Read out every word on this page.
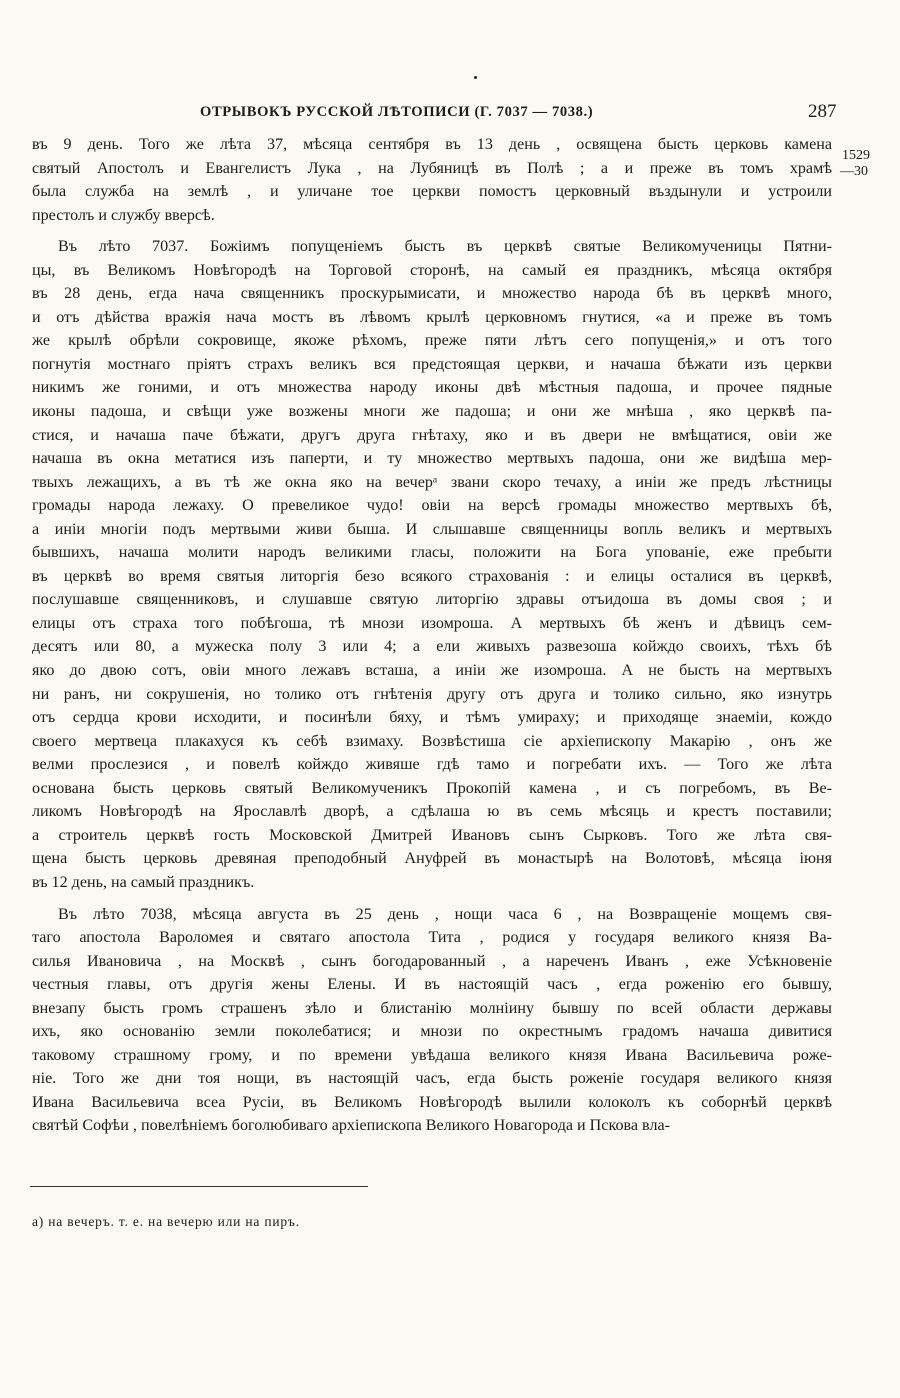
ОТРЫВОКЪ РУССКОЙ ЛѢТОПИСИ (Г. 7037 — 7038.)	287
1529
—30
въ 9 день. Того же лѣта 37, мѣсяца сентября въ 13 день , освящена бысть церковь камена
святый Апостолъ и Евангелистъ Лука , на Лубяницѣ въ Полѣ ; а и преже въ томъ храмѣ
была служба на землѣ , и уличане тое церкви помостъ церковный въздынули и устроили
престолъ и службу вверсѣ.
Въ лѣто 7037. Божіимъ попущеніемъ бысть въ церквѣ святые Великомученицы Пятни-
цы, въ Великомъ Новѣгородѣ на Торговой сторонѣ, на самый ея праздникъ, мѣсяца октября
въ 28 день, егда нача священникъ проскурымисати, и множество народа бѣ въ церквѣ много,
и отъ дѣйства вражія нача мостъ въ лѣвомъ крылѣ церковномъ гнутися, «а и преже въ томъ
же крылѣ обрѣли сокровище, якоже рѣхомъ, преже пяти лѣтъ сего попущенія,» и отъ того
погнутія мостнаго пріятъ страхъ великъ вся предстоящая церкви, и начаша бѣжати изъ церкви
никимъ же гоними, и отъ множества народу иконы двѣ мѣстныя падоша, и прочее пядные
иконы падоша, и свѣщи уже возжены многи же падоша; и они же мнѣша , яко церквѣ па-
стися, и начаша паче бѣжати, другъ друга гнѣтаху, яко и въ двери не вмѣщатися, овіи же
начаша въ окна метатися изъ паперти, и ту множество мертвыхъ падоша, они же видѣша мер-
твыхъ лежащихъ, а въ тѣ же окна яко на вечерᵃ звани скоро течаху, а иніи же предъ лѣстницы
громады народа лежаху. О превеликое чудо! овіи на версѣ громады множество мертвыхъ бѣ,
а иніи многіи подъ мертвыми живи быша. И слышавше священницы вопль великъ и мертвыхъ
бывшихъ, начаша молити народъ великими гласы, положити на Бога упованіе, еже пребыти
въ церквѣ во время святыя литоргія безо всякого страхованія : и елицы осталися въ церквѣ,
послушавше священниковъ, и слушавше святую литоргію здравы отъидоша въ домы своя ; и
елицы отъ страха того побѣгоша, тѣ мнози изомроша. А мертвыхъ бѣ женъ и дѣвицъ сем-
десятъ или 80, а мужеска полу 3 или 4; а ели живыхъ развезоша койждо своихъ, тѣхъ бѣ
яко до двою сотъ, овіи много лежавъ всташа, а иніи же изомроша. А не бысть на мертвыхъ
ни ранъ, ни сокрушенія, но толико отъ гнѣтенія другу отъ друга и толико сильно, яко изнутрь
отъ сердца крови исходити, и посинѣли бяху, и тѣмъ умираху; и приходяще знаеміи, кождо
своего мертвеца плакахуся къ себѣ взимаху. Возвѣстиша сіе архіепископу Макарію , онъ же
велми прослезися , и повелѣ койждо живяше гдѣ тамо и погребати ихъ. — Того же лѣта
основана бысть церковь святый Великомученикъ Прокопій камена , и съ погребомъ, въ Ве-
ликомъ Новѣгородѣ на Ярославлѣ дворѣ, а сдѣлаша ю въ семь мѣсяць и крестъ поставили;
а строитель церквѣ гость Московской Дмитрей Ивановъ сынъ Сырковъ. Того же лѣта свя-
щена бысть церковь древяная преподобный Ануфрей въ монастырѣ на Волотовѣ, мѣсяца іюня
въ 12 день, на самый праздникъ.
Въ лѣто 7038, мѣсяца августа въ 25 день , нощи часа 6 , на Возвращеніе мощемъ свя-
таго апостола Вароломея и святаго апостола Тита , родися у государя великого князя Ва-
силья Ивановича , на Москвѣ , сынъ богодарованный , а нареченъ Иванъ , еже Усѣкновеніе
честныя главы, отъ другія жены Елены. И въ настоящій часъ , егда роженію его бывшу,
внезапу бысть громъ страшенъ зѣло и блистанію молніину бывшу по всей области державы
ихъ, яко основанію земли поколебатися; и мнози по окрестнымъ градомъ начаша дивитися
таковому страшному грому, и по времени увѣдаша великого князя Ивана Васильевича роже-
ніе. Того же дни тоя нощи, въ настоящій часъ, егда бысть роженіе государя великого князя
Ивана Васильевича всеа Русіи, въ Великомъ Новѣгородѣ вылили колоколъ къ соборнѣй церквѣ
святѣй Софѣи , повелѣніемъ боголюбиваго архіепископа Великого Новагорода и Пскова вла-
а) на вечеръ. т. е. на вечерю или на пиръ.
